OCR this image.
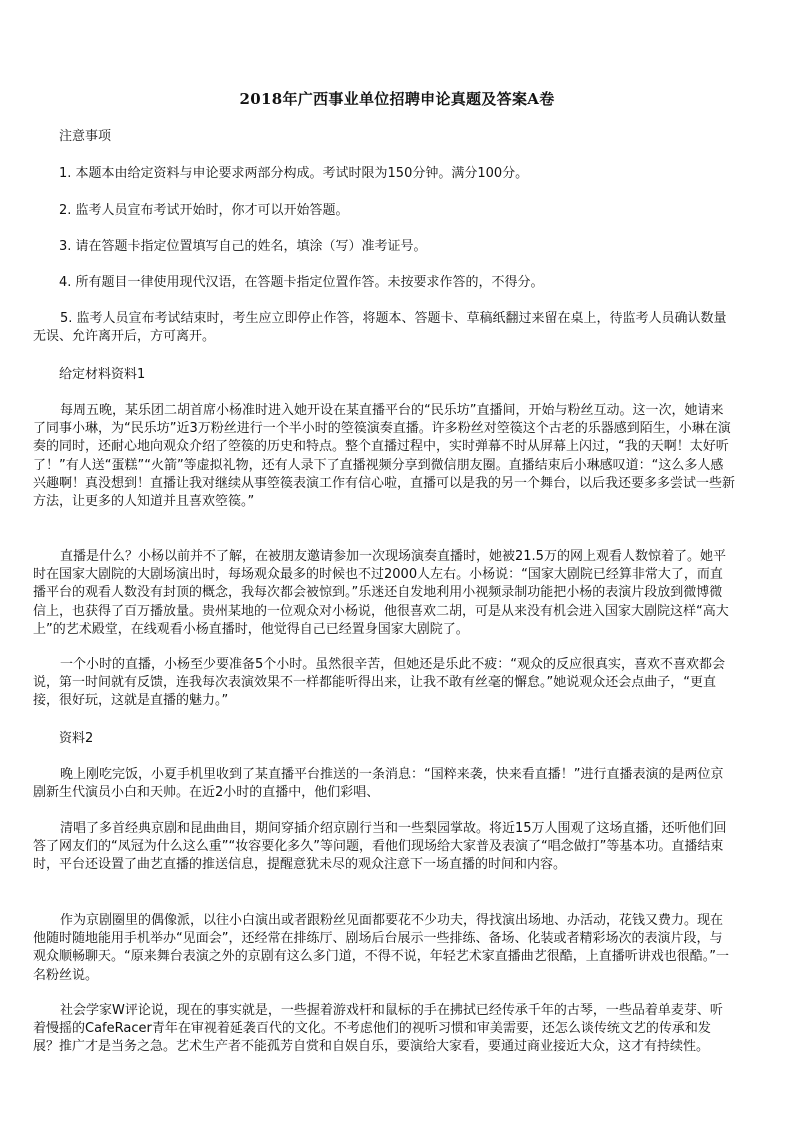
2018年广西事业单位招聘申论真题及答案A卷
注意事项
1. 本题本由给定资料与申论要求两部分构成。考试时限为150分钟。满分100分。
2. 监考人员宣布考试开始时，你才可以开始答题。
3. 请在答题卡指定位置填写自己的姓名，填涂（写）准考证号。
4. 所有题目一律使用现代汉语，在答题卡指定位置作答。未按要求作答的，不得分。
5. 监考人员宣布考试结束时，考生应立即停止作答，将题本、答题卡、草稿纸翻过来留在桌上，待监考人员确认数量无误、允许离开后，方可离开。
给定材料资料1
每周五晚，某乐团二胡首席小杨准时进入她开设在某直播平台的“民乐坊”直播间，开始与粉丝互动。这一次，她请来了同事小琳，为“民乐坊”近3万粉丝进行一个半小时的箜篌演奏直播。许多粉丝对箜篌这个古老的乐器感到陌生，小琳在演奏的同时，还耐心地向观众介绍了箜篌的历史和特点。整个直播过程中，实时弹幕不时从屏幕上闪过，“我的天啊！太好听了！”有人送“蛋糕”“火箭”等虚拟礼物，还有人录下了直播视频分享到微信朋友圈。直播结束后小琳感叹道：“这么多人感兴趣啊！真没想到！直播让我对继续从事箜篌表演工作有信心啦，直播可以是我的另一个舞台，以后我还要多多尝试一些新方法，让更多的人知道并且喜欢箜篌。”
直播是什么？小杨以前并不了解，在被朋友邀请参加一次现场演奏直播时，她被21.5万的网上观看人数惊着了。她平时在国家大剧院的大剧场演出时，每场观众最多的时候也不过2000人左右。小杨说：“国家大剧院已经算非常大了，而直播平台的观看人数没有封顶的概念，我每次都会被惊到。”乐迷还自发地利用小视频录制功能把小杨的表演片段放到微博微信上，也获得了百万播放量。贵州某地的一位观众对小杨说，他很喜欢二胡，可是从来没有机会进入国家大剧院这样“高大上”的艺术殿堂，在线观看小杨直播时，他觉得自己已经置身国家大剧院了。
一个小时的直播，小杨至少要准备5个小时。虽然很辛苦，但她还是乐此不疲：“观众的反应很真实，喜欢不喜欢都会说，第一时间就有反馈，连我每次表演效果不一样都能听得出来，让我不敢有丝毫的懈怠。”她说观众还会点曲子，“更直接，很好玩，这就是直播的魅力。”
资料2
晚上刚吃完饭，小夏手机里收到了某直播平台推送的一条消息：“国粹来袭，快来看直播！”进行直播表演的是两位京剧新生代演员小白和天帅。在近2小时的直播中，他们彩唱、
清唱了多首经典京剧和昆曲曲目，期间穿插介绍京剧行当和一些梨园掌故。将近15万人围观了这场直播，还听他们回答了网友们的“凤冠为什么这么重”“妆容要化多久”等问题，看他们现场给大家普及表演了“唱念做打”等基本功。直播结束时，平台还设置了曲艺直播的推送信息，提醒意犹未尽的观众注意下一场直播的时间和内容。
作为京剧圈里的偶像派，以往小白演出或者跟粉丝见面都要花不少功夫，得找演出场地、办活动，花钱又费力。现在他随时随地能用手机举办“见面会”，还经常在排练厅、剧场后台展示一些排练、备场、化装或者精彩场次的表演片段，与观众顺畅聊天。“原来舞台表演之外的京剧有这么多门道，不得不说，年轻艺术家直播曲艺很酷，上直播听讲戏也很酷。”一名粉丝说。
社会学家W评论说，现在的事实就是，一些握着游戏杆和鼠标的手在拂拭已经传承千年的古琴，一些品着单麦芽、听着慢摇的CafeRacer青年在审视着延袭百代的文化。不考虑他们的视听习惯和审美需要，还怎么谈传统文艺的传承和发展？推广才是当务之急。艺术生产者不能孤芳自赏和自娱自乐，要演给大家看，要通过商业接近大众，这才有持续性。
